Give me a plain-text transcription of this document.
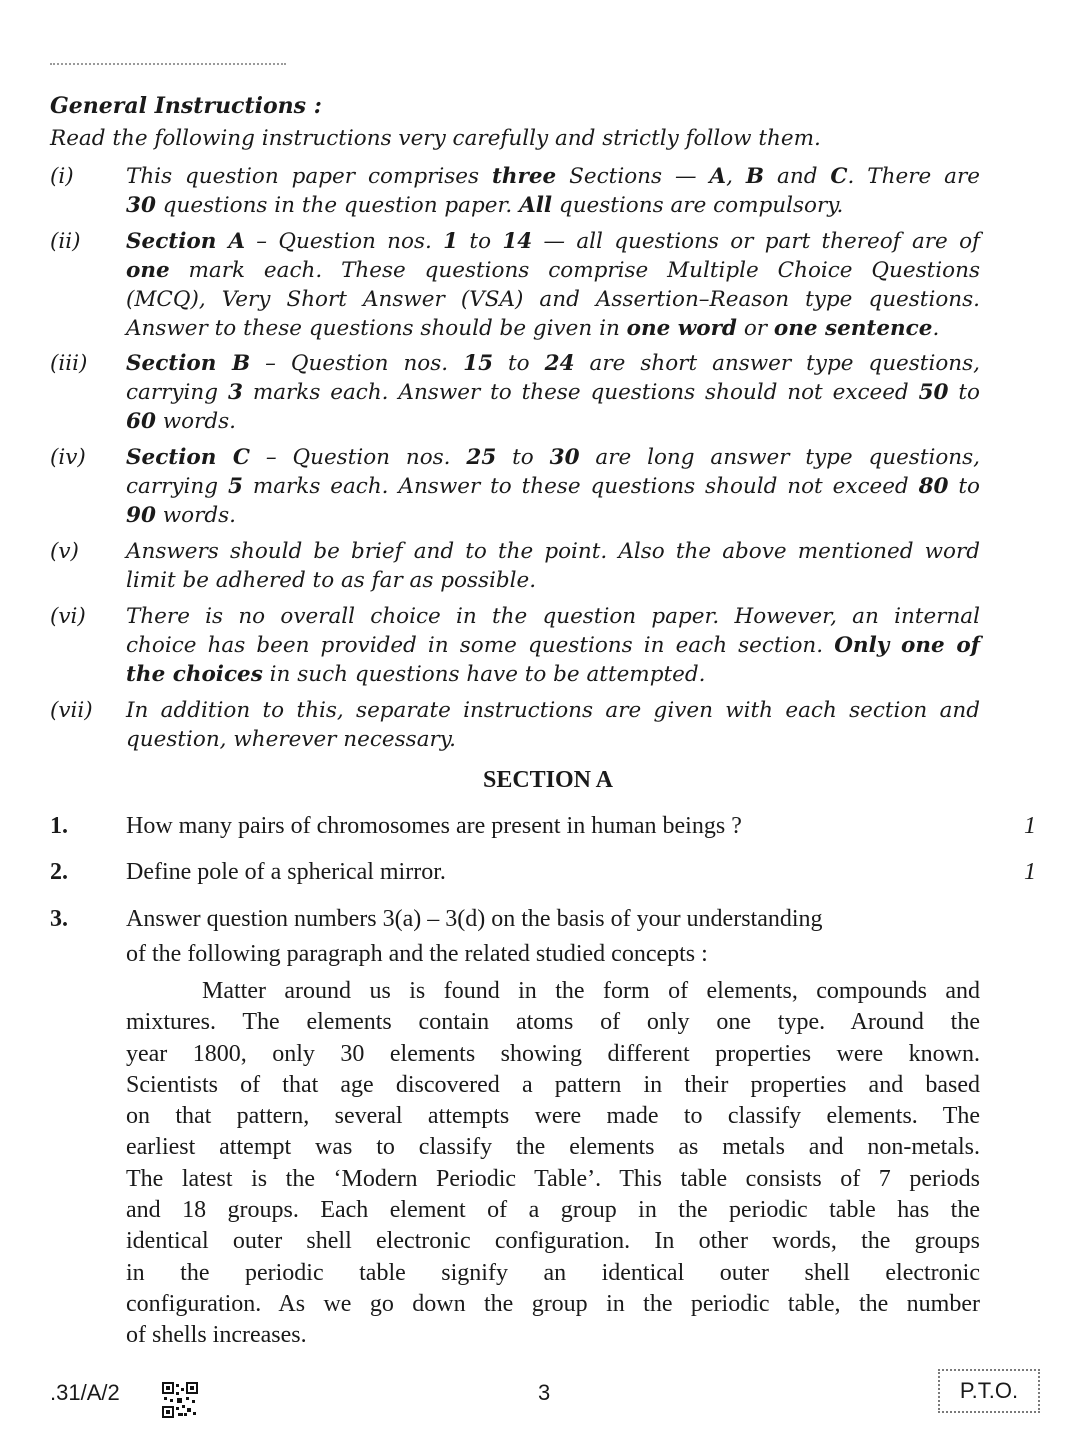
General Instructions :
Read the following instructions very carefully and strictly follow them.
(i) This question paper comprises three Sections — A, B and C. There are
30 questions in the question paper. All questions are compulsory.
(ii) Section A – Question nos. 1 to 14 — all questions or part thereof are of
one mark each. These questions comprise Multiple Choice Questions
(MCQ), Very Short Answer (VSA) and Assertion–Reason type questions.
Answer to these questions should be given in one word or one sentence.
(iii) Section B – Question nos. 15 to 24 are short answer type questions,
carrying 3 marks each. Answer to these questions should not exceed 50 to
60 words.
(iv) Section C – Question nos. 25 to 30 are long answer type questions,
carrying 5 marks each. Answer to these questions should not exceed 80 to
90 words.
(v) Answers should be brief and to the point. Also the above mentioned word
limit be adhered to as far as possible.
(vi) There is no overall choice in the question paper. However, an internal
choice has been provided in some questions in each section. Only one of
the choices in such questions have to be attempted.
(vii) In addition to this, separate instructions are given with each section and
question, wherever necessary.
SECTION A
1. How many pairs of chromosomes are present in human beings ?	1
2. Define pole of a spherical mirror.	1
3. Answer question numbers 3(a) – 3(d) on the basis of your understanding
of the following paragraph and the related studied concepts :
Matter around us is found in the form of elements, compounds and
mixtures. The elements contain atoms of only one type. Around the
year 1800, only 30 elements showing different properties were known.
Scientists of that age discovered a pattern in their properties and based
on that pattern, several attempts were made to classify elements. The
earliest attempt was to classify the elements as metals and non-metals.
The latest is the ‘Modern Periodic Table’. This table consists of 7 periods
and 18 groups. Each element of a group in the periodic table has the
identical outer shell electronic configuration. In other words, the groups
in the periodic table signify an identical outer shell electronic
configuration. As we go down the group in the periodic table, the number
of shells increases.
.31/A/2	3	P.T.O.
